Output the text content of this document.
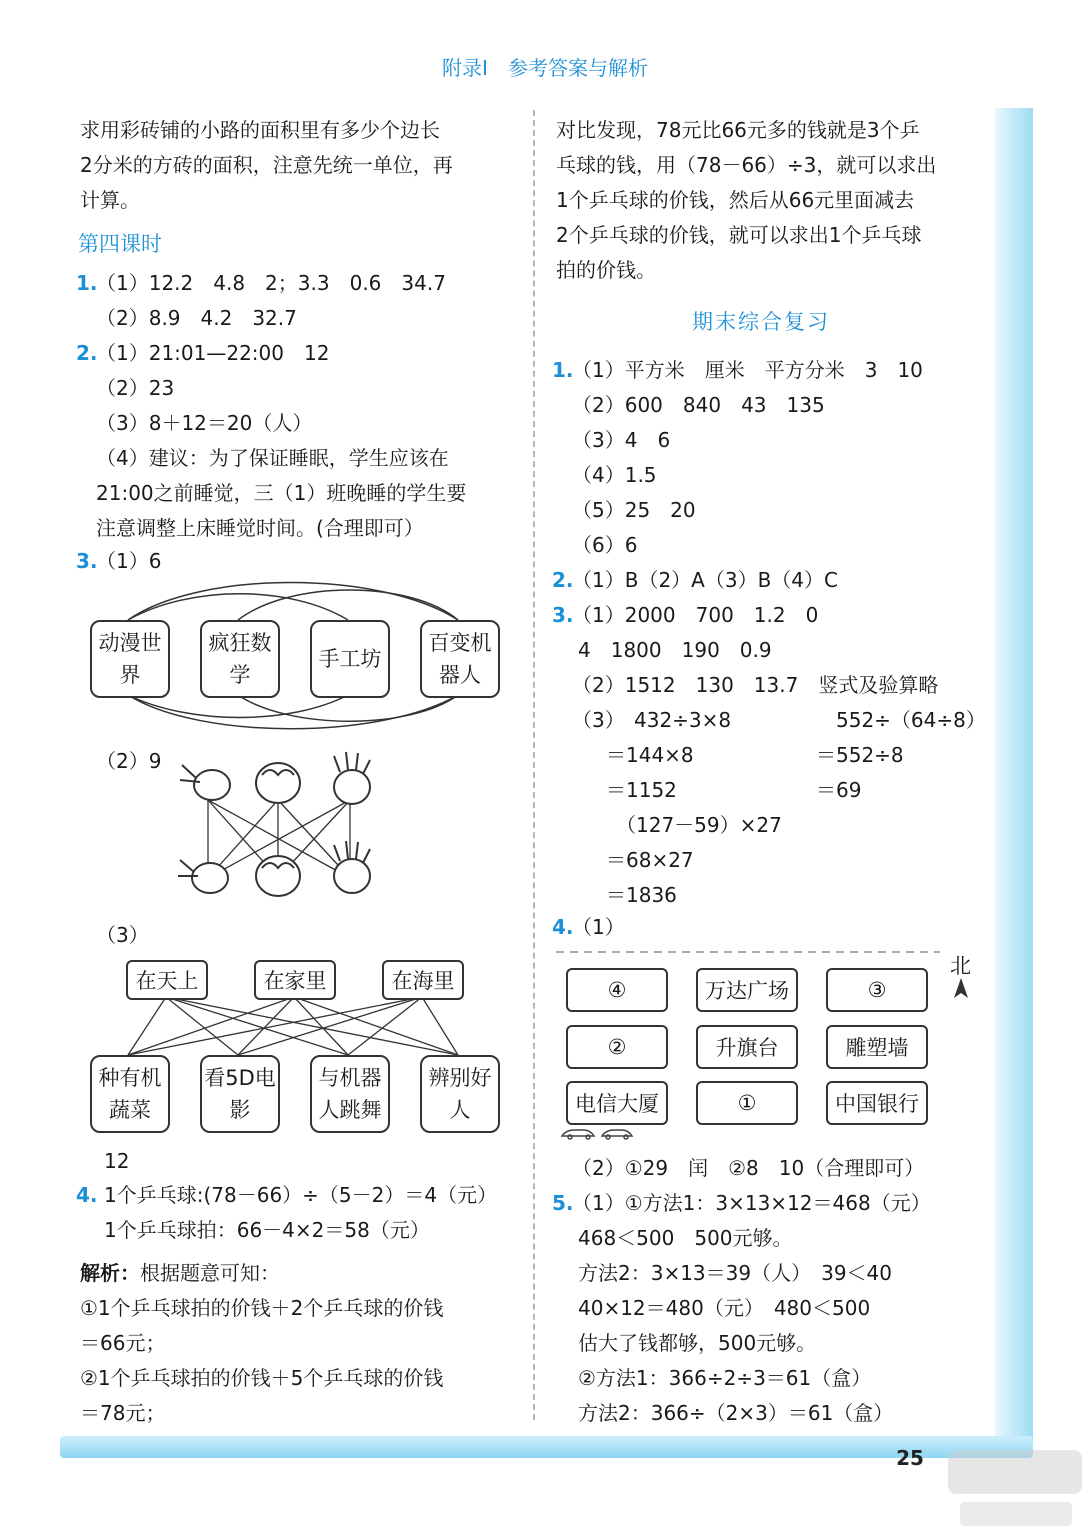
附录Ⅰ　参考答案与解析
求用彩砖铺的小路的面积里有多少个边长
2分米的方砖的面积，注意先统一单位，再
计算。
第四课时
1.
（1）12.2　4.8　2；3.3　0.6　34.7
（2）8.9　4.2　32.7
2.
（1）21:01—22:00　12
（2）23
（3）8＋12＝20（人）
（4）建议：为了保证睡眠，学生应该在
21:00之前睡觉，三（1）班晚睡的学生要
注意调整上床睡觉时间。(合理即可）
3.
（1）6
动漫世界
疯狂数学
手工坊
百变机器人
（2）9
（3）
在天上	在家里	在海里
种有机蔬菜
看5D电影
与机器人跳舞
辨别好人
12
4. 1个乒乓球:(78－66）÷（5－2）＝4（元）
1个乒乓球拍：66－4×2＝58（元）
解析：根据题意可知：
①1个乒乓球拍的价钱＋2个乒乓球的价钱
＝66元；
②1个乒乓球拍的价钱＋5个乒乓球的价钱
＝78元；
对比发现，78元比66元多的钱就是3个乒
乓球的钱，用（78－66）÷3，就可以求出
1个乒乓球的价钱，然后从66元里面减去
2个乒乓球的价钱，就可以求出1个乒乓球
拍的价钱。
期末综合复习
1.
（1）平方米　厘米　平方分米　3　10
（2）600　840　43　135
（3）4　6
（4）1.5
（5）25　20
（6）6
2.
（1）B（2）A（3）B（4）C
3.
（1）2000　700　1.2　0
4　1800　190　0.9
（2）1512　130　13.7　竖式及验算略
（3） 432÷3×8
＝144×8
＝1152
552÷（64÷8）
＝552÷8
＝69
（127－59）×27
＝68×27
＝1836
4.
（1）
北
④	万达广场	③
②	升旗台	雕塑墙
电信大厦	①	中国银行
（2）①29　闰　②8　10（合理即可）
5.
（1）①方法1：3×13×12＝468（元）
468＜500　500元够。
方法2：3×13＝39（人）　39＜40
40×12＝480（元）　480＜500
估大了钱都够，500元够。
②方法1：366÷2÷3＝61（盒）
方法2：366÷（2×3）＝61（盒）
25
